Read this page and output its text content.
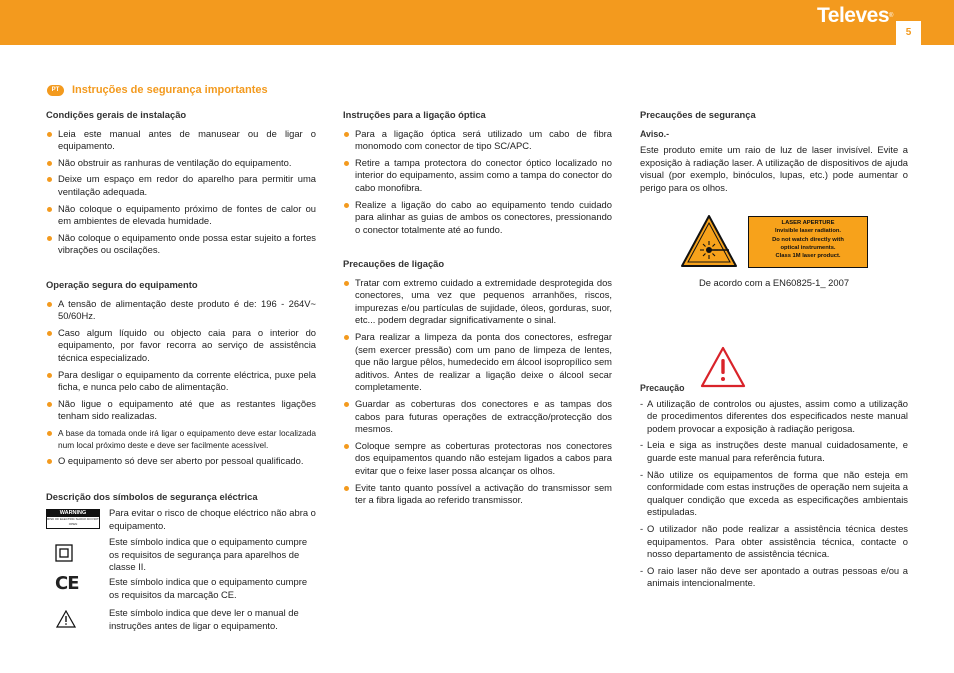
Televes®
5
PT	Instruções de segurança importantes
Condições gerais de instalação
Leia este manual antes de manusear ou de ligar o equipamento.
Não obstruir as ranhuras de ventilação do equipamento.
Deixe um espaço em redor do aparelho para permitir uma ventilação adequada.
Não coloque o equipamento próximo de fontes de calor ou em ambientes de elevada humidade.
Não coloque o equipamento onde possa estar sujeito a fortes vibrações ou oscilações.
Operação segura do equipamento
A tensão de alimentação deste produto é de: 196 - 264V~ 50/60Hz.
Caso algum líquido ou objecto caia para o interior do equipamento, por favor recorra ao serviço de assistência técnica especializado.
Para desligar o equipamento da corrente eléctrica, puxe pela ficha, e nunca pelo cabo de alimentação.
Não ligue o equipamento até que as restantes ligações tenham sido realizadas.
A base da tomada onde irá ligar o equipamento deve estar localizada num local próximo deste e deve ser facilmente acessível.
O equipamento só deve ser aberto por pessoal qualificado.
Descrição dos símbolos de segurança eléctrica
WARNING
RISK OF ELECTRIC SHOCK DO NOT OPEN
Para evitar o risco de choque eléctrico não abra o equipamento.
Este símbolo indica que o equipamento cumpre os requisitos de segurança para aparelhos de classe II.
CE	Este símbolo indica que o equipamento cumpre os requisitos da marcação CE.
Este símbolo indica que deve ler o manual de instruções antes de ligar o equipamento.
Instruções para a ligação óptica
Para a ligação óptica será utilizado um cabo de fibra monomodo com conector de tipo SC/APC.
Retire a tampa protectora do conector óptico localizado no interior do equipamento, assim como a tampa do conector do cabo monofibra.
Realize a ligação do cabo ao equipamento tendo cuidado para alinhar as guias de ambos os conectores, pressionando o conector totalmente até ao fundo.
Precauções de ligação
Tratar com extremo cuidado a extremidade desprotegida dos conectores, uma vez que pequenos arranhões, riscos, impurezas e/ou partículas de sujidade, óleos, gorduras, suor, etc... podem degradar significativamente o sinal.
Para realizar a limpeza da ponta dos conectores, esfregar (sem exercer pressão) com um pano de limpeza de lentes, que não largue pêlos, humedecido em álcool isopropílico sem aditivos. Antes de realizar a ligação deixe o álcool secar completamente.
Guardar as coberturas dos conectores e as tampas dos cabos para futuras operações de extracção/protecção dos mesmos.
Coloque sempre as coberturas protectoras nos conectores dos equipamentos quando não estejam ligados a cabos para evitar que o feixe laser possa alcançar os olhos.
Evite tanto quanto possível a activação do transmissor sem ter a fibra ligada ao referido transmissor.
Precauções de segurança
Aviso.-
Este produto emite um raio de luz de laser invisível. Evite a exposição à radiação laser. A utilização de dispositivos de ajuda visual (por exemplo, binóculos, lupas, etc.) pode aumentar o perigo para os olhos.
LASER APERTURE
Invisible laser radiation.
Do not watch directly with
optical instruments.
Class 1M laser product.
De acordo com a EN60825-1_ 2007
Precaução
- A utilização de controlos ou ajustes, assim como a utilização de procedimentos diferentes dos especificados neste manual podem provocar a exposição à radiação perigosa.
- Leia e siga as instruções deste manual cuidadosamente, e guarde este manual para referência futura.
- Não utilize os equipamentos de forma que não esteja em conformidade com estas instruções de operação nem sujeita a qualquer condição que exceda as especificações ambientais estipuladas.
- O utilizador não pode realizar a assistência técnica destes equipamentos. Para obter assistência técnica, contacte o nosso departamento de assistência técnica.
- O raio laser não deve ser apontado a outras pessoas e/ou a animais intencionalmente.
